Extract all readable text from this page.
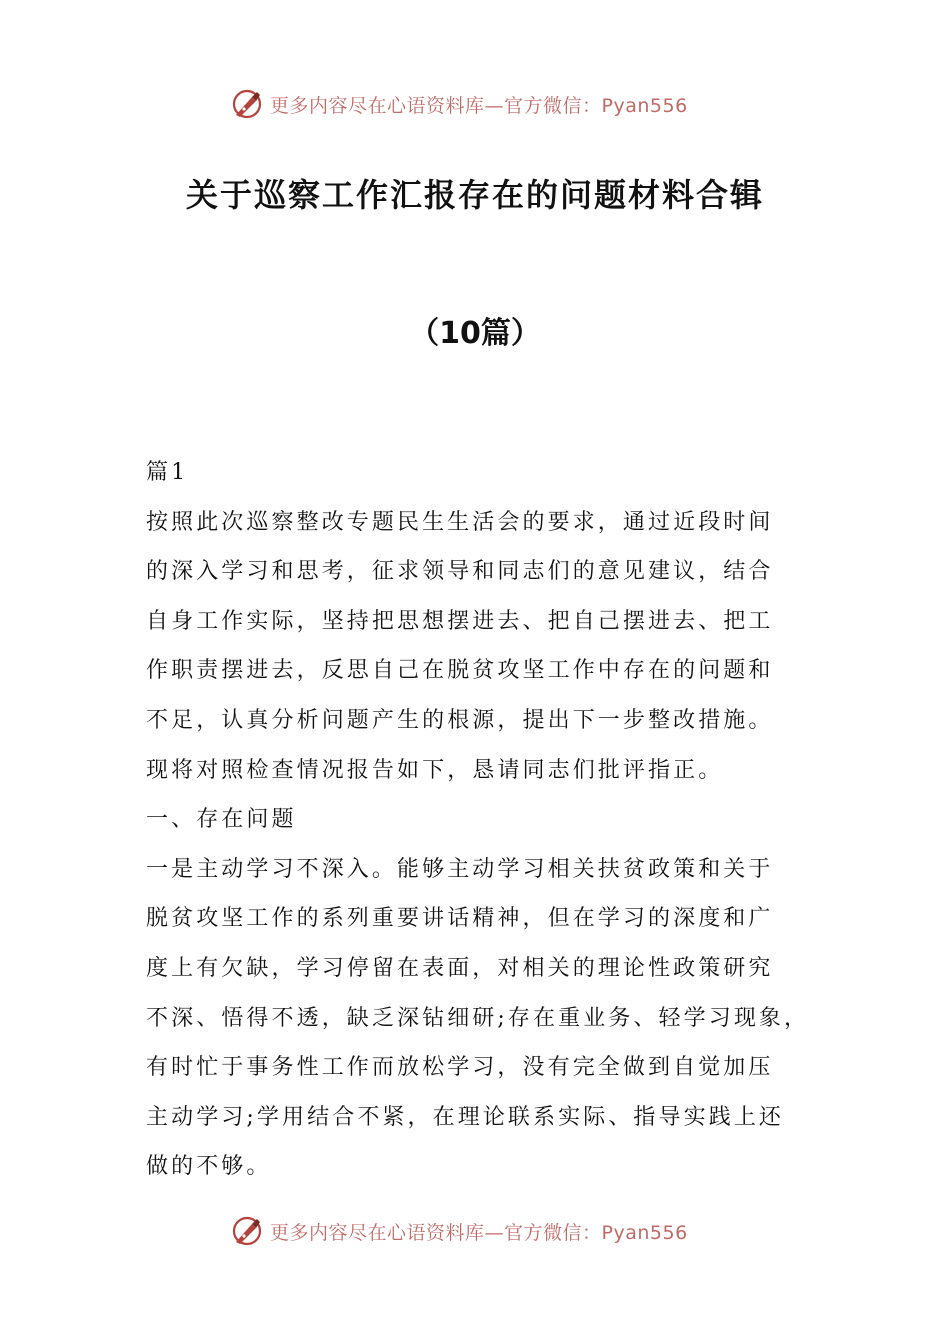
更多内容尽在心语资料库—官方微信：Pyan556
关于巡察工作汇报存在的问题材料合辑
（10篇）

篇1

按照此次巡察整改专题民生生活会的要求，通过近段时间

的深入学习和思考，征求领导和同志们的意见建议，结合

自身工作实际，坚持把思想摆进去、把自己摆进去、把工

作职责摆进去，反思自己在脱贫攻坚工作中存在的问题和

不足，认真分析问题产生的根源，提出下一步整改措施。

现将对照检查情况报告如下，恳请同志们批评指正。

一、存在问题

一是主动学习不深入。能够主动学习相关扶贫政策和关于

脱贫攻坚工作的系列重要讲话精神，但在学习的深度和广

度上有欠缺，学习停留在表面，对相关的理论性政策研究

不深、悟得不透，缺乏深钻细研;存在重业务、轻学习现象，

有时忙于事务性工作而放松学习，没有完全做到自觉加压

主动学习;学用结合不紧，在理论联系实际、指导实践上还

做的不够。

更多内容尽在心语资料库—官方微信：Pyan556
